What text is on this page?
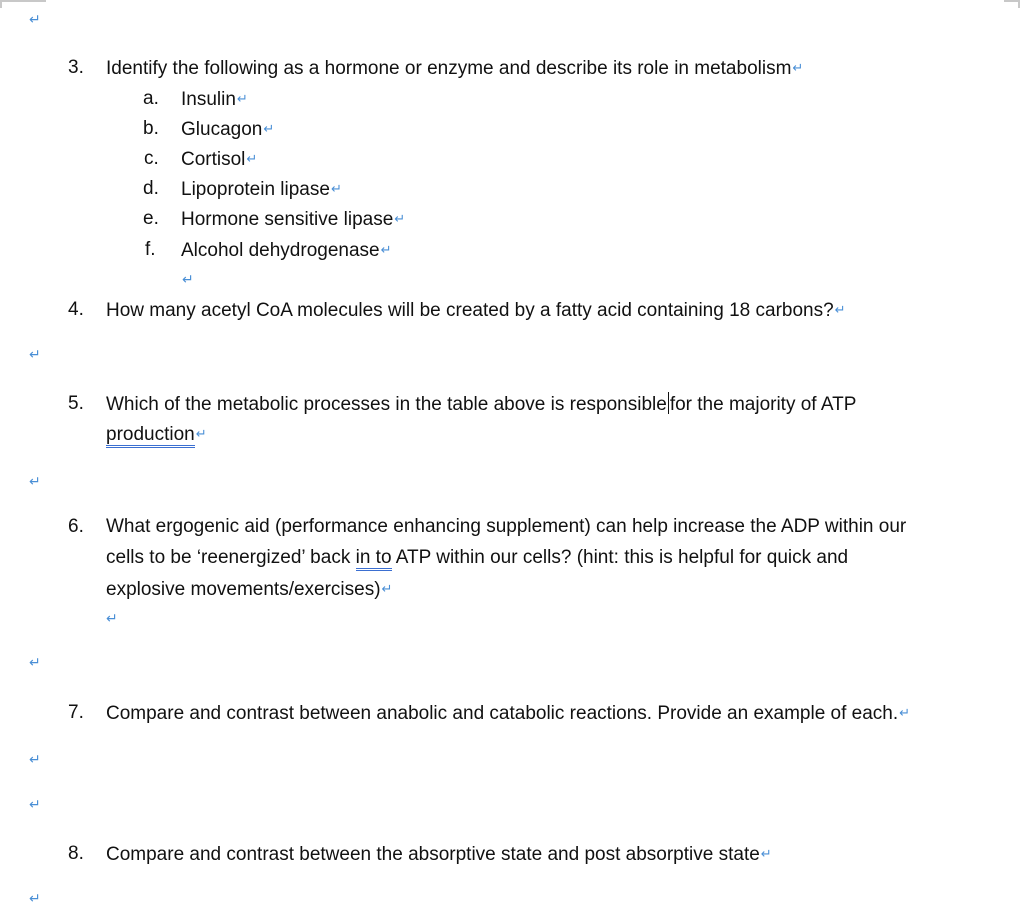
↵
↵
↵
↵
↵
↵
↵
3. Identify the following as a hormone or enzyme and describe its role in metabolism↵
a. Insulin↵
b. Glucagon↵
c. Cortisol↵
d. Lipoprotein lipase↵
e. Hormone sensitive lipase↵
f. Alcohol dehydrogenase↵
↵
4. How many acetyl CoA molecules will be created by a fatty acid containing 18 carbons?↵
5. Which of the metabolic processes in the table above is responsible for the majority of ATP
production↵
6. What ergogenic aid (performance enhancing supplement) can help increase the ADP within our
cells to be ‘reenergized’ back in to ATP within our cells? (hint: this is helpful for quick and
explosive movements/exercises)↵
↵
7. Compare and contrast between anabolic and catabolic reactions. Provide an example of each.↵
8. Compare and contrast between the absorptive state and post absorptive state↵
